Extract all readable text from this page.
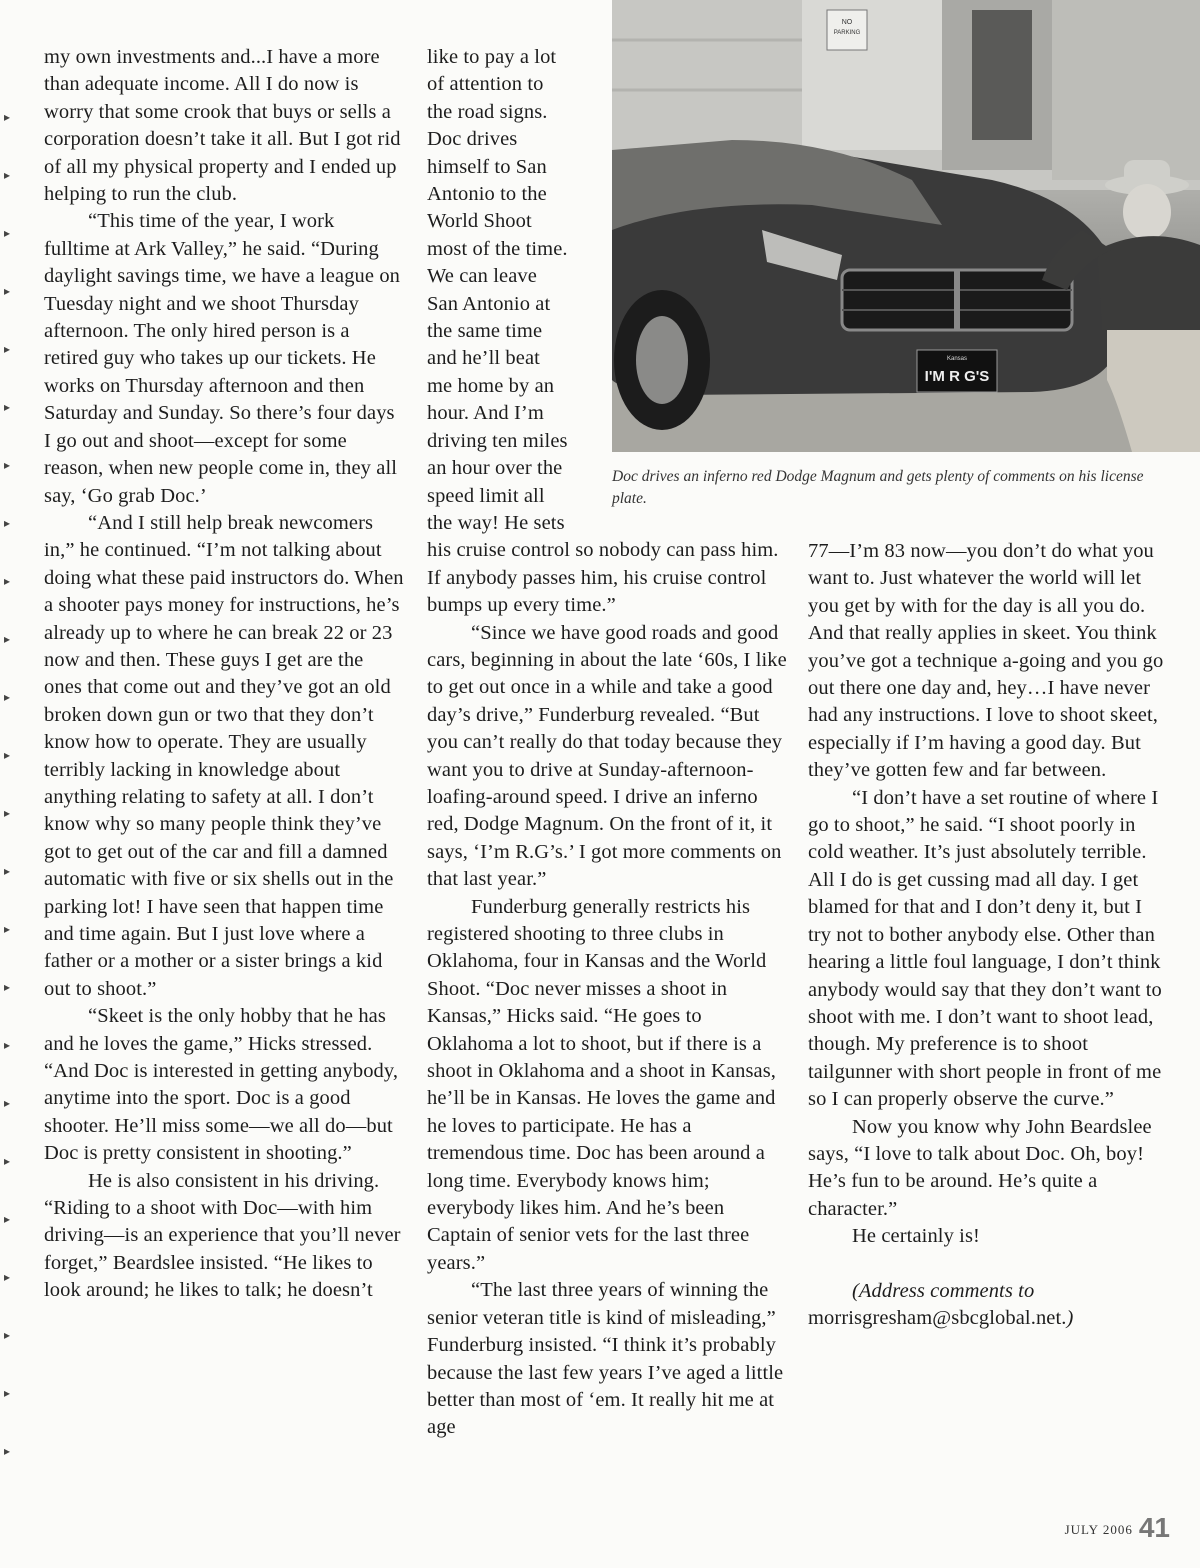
my own investments and...I have a more than adequate income. All I do now is worry that some crook that buys or sells a corporation doesn’t take it all. But I got rid of all my physical property and I ended up helping to run the club.

“This time of the year, I work fulltime at Ark Valley,” he said. “During daylight savings time, we have a league on Tuesday night and we shoot Thursday afternoon. The only hired person is a retired guy who takes up our tickets. He works on Thursday afternoon and then Saturday and Sunday. So there’s four days I go out and shoot—except for some reason, when new people come in, they all say, ‘Go grab Doc.’

“And I still help break newcomers in,” he continued. “I’m not talking about doing what these paid instructors do. When a shooter pays money for instructions, he’s already up to where he can break 22 or 23 now and then. These guys I get are the ones that come out and they’ve got an old broken down gun or two that they don’t know how to operate. They are usually terribly lacking in knowledge about anything relating to safety at all. I don’t know why so many people think they’ve got to get out of the car and fill a damned automatic with five or six shells out in the parking lot! I have seen that happen time and time again. But I just love where a father or a mother or a sister brings a kid out to shoot.”

“Skeet is the only hobby that he has and he loves the game,” Hicks stressed. “And Doc is interested in getting anybody, anytime into the sport. Doc is a good shooter. He’ll miss some—we all do—but Doc is pretty consistent in shooting.”

He is also consistent in his driving. “Riding to a shoot with Doc—with him driving—is an experience that you’ll never forget,” Beardslee insisted. “He likes to look around; he likes to talk; he doesn’t

like to pay a lot
of attention to
the road signs.
Doc drives
himself to San
Antonio to the
World Shoot
most of the time.
We can leave
San Antonio at
the same time
and he’ll beat
me home by an
hour. And I’m
driving ten miles
an hour over the
speed limit all
the way! He sets

his cruise control so nobody can pass him. If anybody passes him, his cruise control bumps up every time.”

“Since we have good roads and good cars, beginning in about the late ‘60s, I like to get out once in a while and take a good day’s drive,” Funderburg revealed. “But you can’t really do that today because they want you to drive at Sunday-afternoon-loafing-around speed. I drive an inferno red, Dodge Magnum. On the front of it, it says, ‘I’m R.G’s.’ I got more comments on that last year.”

Funderburg generally restricts his registered shooting to three clubs in Oklahoma, four in Kansas and the World Shoot. “Doc never misses a shoot in Kansas,” Hicks said. “He goes to Oklahoma a lot to shoot, but if there is a shoot in Oklahoma and a shoot in Kansas, he’ll be in Kansas. He loves the game and he loves to participate. He has a tremendous time. Doc has been around a long time. Everybody knows him; everybody likes him. And he’s been Captain of senior vets for the last three years.”

“The last three years of winning the senior veteran title is kind of misleading,” Funderburg insisted. “I think it’s probably because the last few years I’ve aged a little better than most of ‘em. It really hit me at age

77—I’m 83 now—you don’t do what you want to. Just whatever the world will let you get by with for the day is all you do. And that really applies in skeet. You think you’ve got a technique a-going and you go out there one day and, hey…I have never had any instructions. I love to shoot skeet, especially if I’m having a good day. But they’ve gotten few and far between.

“I don’t have a set routine of where I go to shoot,” he said. “I shoot poorly in cold weather. It’s just absolutely terrible. All I do is get cussing mad all day. I get blamed for that and I don’t deny it, but I try not to bother anybody else. Other than hearing a little foul language, I don’t think anybody would say that they don’t want to shoot with me. I don’t want to shoot lead, though. My preference is to shoot tailgunner with short people in front of me so I can properly observe the curve.”

Now you know why John Beardslee says, “I love to talk about Doc. Oh, boy! He’s fun to be around. He’s quite a character.”

He certainly is!

(Address comments to
morrisgresham@sbcglobal.net.)

NO
PARKING
Kansas
I'M R G'S
Doc drives an inferno red Dodge Magnum and gets plenty of comments on his license plate.
▸
▸
▸
▸
▸
▸
▸
▸
▸
▸
▸
▸
▸
▸
▸
▸
▸
▸
▸
▸
▸
▸
▸
▸
JULY 2006 41
